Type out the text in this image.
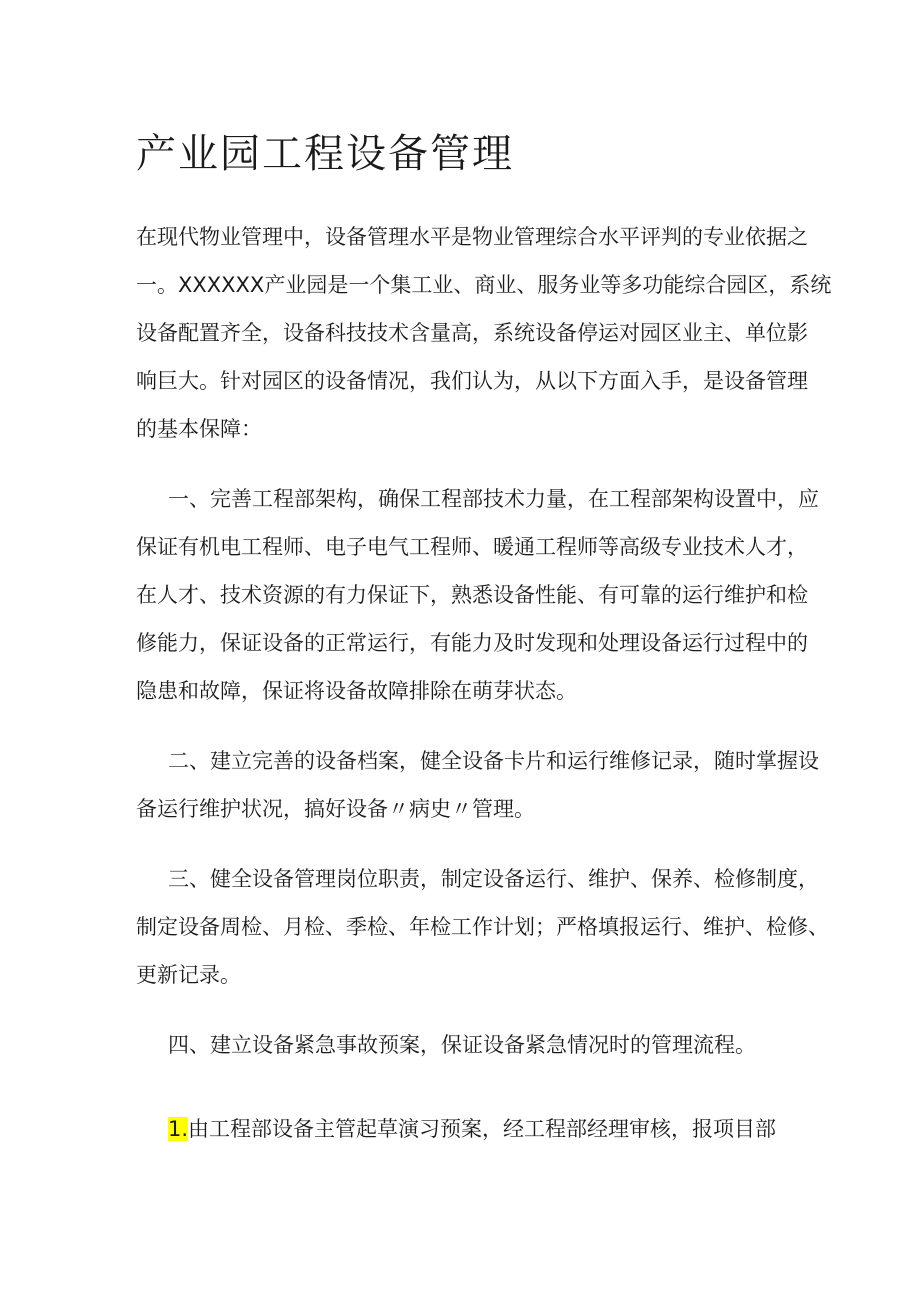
产业园工程设备管理

在现代物业管理中，设备管理水平是物业管理综合水平评判的专业依据之

一。XXXXXX产业园是一个集工业、商业、服务业等多功能综合园区，系统

设备配置齐全，设备科技技术含量高，系统设备停运对园区业主、单位影

响巨大。针对园区的设备情况，我们认为，从以下方面入手，是设备管理

的基本保障：

一、完善工程部架构，确保工程部技术力量，在工程部架构设置中，应

保证有机电工程师、电子电气工程师、暖通工程师等高级专业技术人才，

在人才、技术资源的有力保证下，熟悉设备性能、有可靠的运行维护和检

修能力，保证设备的正常运行，有能力及时发现和处理设备运行过程中的

隐患和故障，保证将设备故障排除在萌芽状态。

二、建立完善的设备档案，健全设备卡片和运行维修记录，随时掌握设

备运行维护状况，搞好设备〃病史〃管理。

三、健全设备管理岗位职责，制定设备运行、维护、保养、检修制度，

制定设备周检、月检、季检、年检工作计划；严格填报运行、维护、检修、

更新记录。

四、建立设备紧急事故预案，保证设备紧急情况时的管理流程。

1.由工程部设备主管起草演习预案，经工程部经理审核，报项目部
